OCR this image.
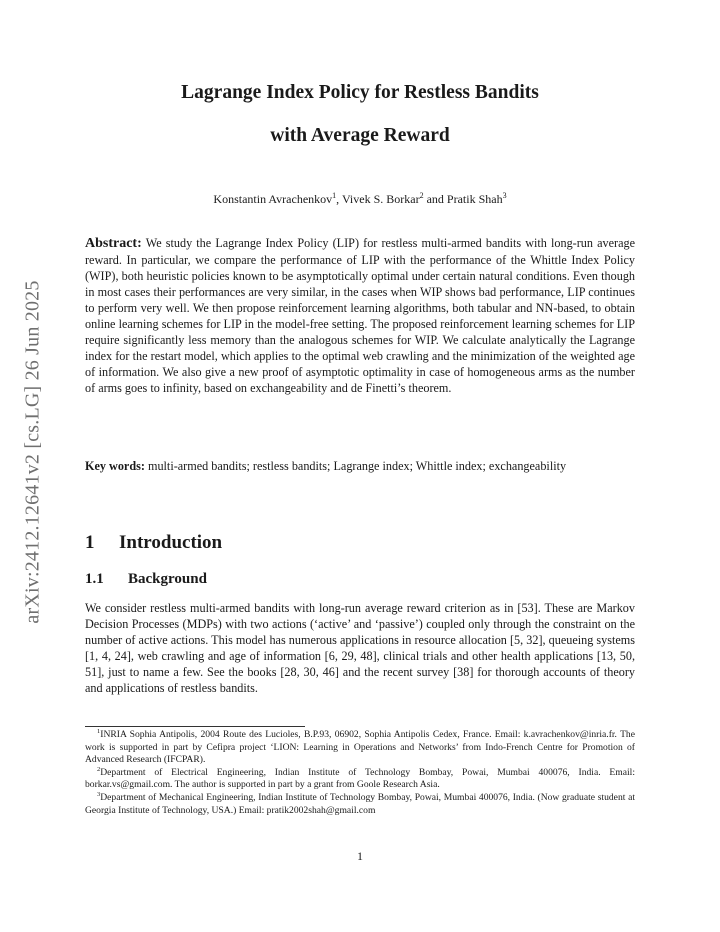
arXiv:2412.12641v2 [cs.LG] 26 Jun 2025
Lagrange Index Policy for Restless Bandits
with Average Reward
Konstantin Avrachenkov$^1$, Vivek S. Borkar$^2$ and Pratik Shah$^3$
Abstract: We study the Lagrange Index Policy (LIP) for restless multi-armed bandits with long-run average reward. In particular, we compare the performance of LIP with the performance of the Whittle Index Policy (WIP), both heuristic policies known to be asymptotically optimal under certain natural conditions. Even though in most cases their performances are very similar, in the cases when WIP shows bad performance, LIP continues to perform very well. We then propose reinforcement learning algorithms, both tabular and NN-based, to obtain online learning schemes for LIP in the model-free setting. The proposed reinforcement learning schemes for LIP require significantly less memory than the analogous schemes for WIP. We calculate analytically the Lagrange index for the restart model, which applies to the optimal web crawling and the minimization of the weighted age of information. We also give a new proof of asymptotic optimality in case of homogeneous arms as the number of arms goes to infinity, based on exchangeability and de Finetti’s theorem.
Key words: multi-armed bandits; restless bandits; Lagrange index; Whittle index; exchangeability
1 Introduction
1.1 Background
We consider restless multi-armed bandits with long-run average reward criterion as in [53]. These are Markov Decision Processes (MDPs) with two actions (‘active’ and ‘passive’) coupled only through the constraint on the number of active actions. This model has numerous applications in resource allocation [5, 32], queueing systems [1, 4, 24], web crawling and age of information [6, 29, 48], clinical trials and other health applications [13, 50, 51], just to name a few. See the books [28, 30, 46] and the recent survey [38] for thorough accounts of theory and applications of restless bandits.

$^1$INRIA Sophia Antipolis, 2004 Route des Lucioles, B.P.93, 06902, Sophia Antipolis Cedex, France. Email: k.avrachenkov@inria.fr. The work is supported in part by Cefipra project ‘LION: Learning in Operations and Networks’ from Indo-French Centre for Promotion of Advanced Research (IFCPAR).

$^2$Department of Electrical Engineering, Indian Institute of Technology Bombay, Powai, Mumbai 400076, India. Email: borkar.vs@gmail.com. The author is supported in part by a grant from Goole Research Asia.

$^3$Department of Mechanical Engineering, Indian Institute of Technology Bombay, Powai, Mumbai 400076, India. (Now graduate student at Georgia Institute of Technology, USA.) Email: pratik2002shah@gmail.com

1
